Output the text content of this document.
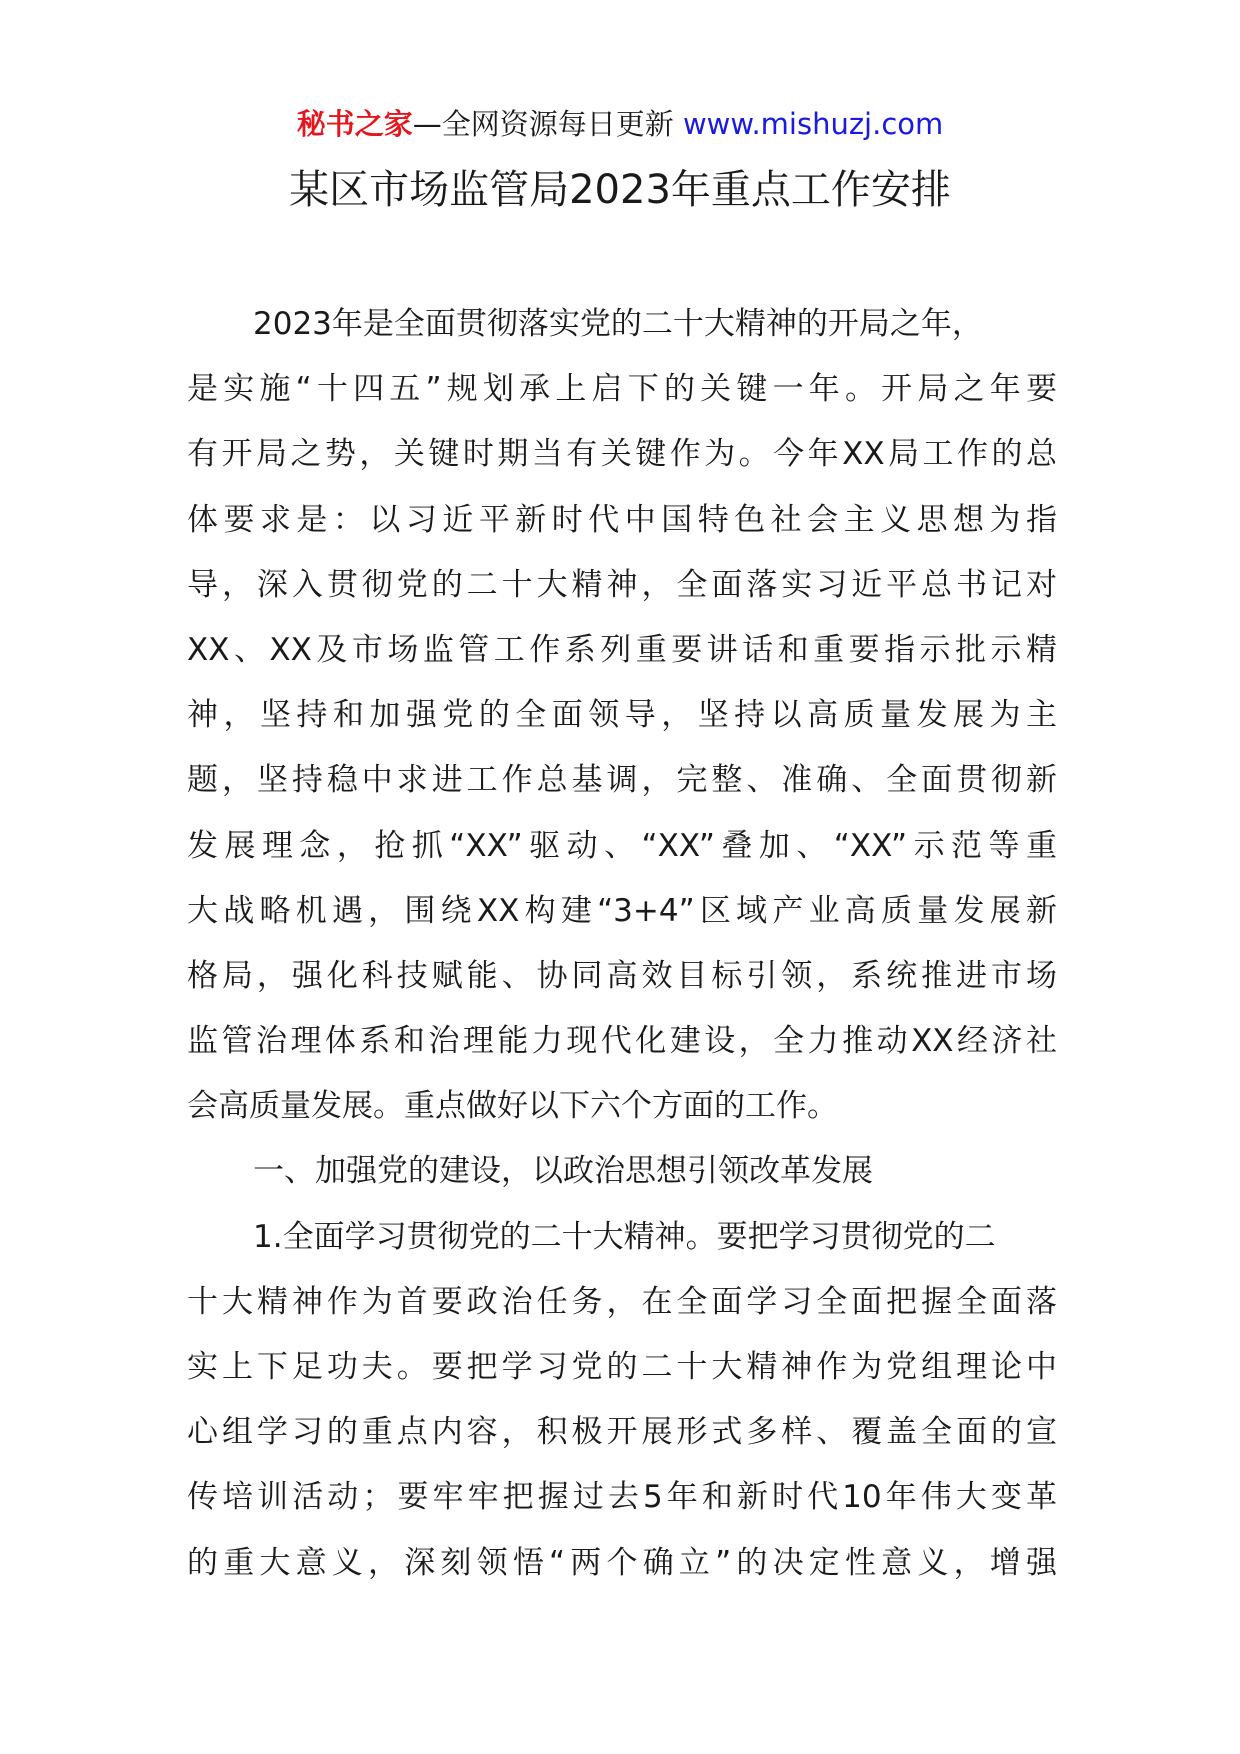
秘书之家—全网资源每日更新 www.mishuzj.com
某区市场监管局2023年重点工作安排
2023年是全面贯彻落实党的二十大精神的开局之年，
是实施“十四五”规划承上启下的关键一年。开局之年要
有开局之势，关键时期当有关键作为。今年XX局工作的总
体要求是：以习近平新时代中国特色社会主义思想为指
导，深入贯彻党的二十大精神，全面落实习近平总书记对
XX、XX及市场监管工作系列重要讲话和重要指示批示精
神，坚持和加强党的全面领导，坚持以高质量发展为主
题，坚持稳中求进工作总基调，完整、准确、全面贯彻新
发展理念，抢抓“XX”驱动、“XX”叠加、“XX”示范等重
大战略机遇，围绕XX构建“3+4”区域产业高质量发展新
格局，强化科技赋能、协同高效目标引领，系统推进市场
监管治理体系和治理能力现代化建设，全力推动XX经济社
会高质量发展。重点做好以下六个方面的工作。
一、加强党的建设，以政治思想引领改革发展
1.全面学习贯彻党的二十大精神。要把学习贯彻党的二
十大精神作为首要政治任务，在全面学习全面把握全面落
实上下足功夫。要把学习党的二十大精神作为党组理论中
心组学习的重点内容，积极开展形式多样、覆盖全面的宣
传培训活动；要牢牢把握过去5年和新时代10年伟大变革
的重大意义，深刻领悟“两个确立”的决定性意义，增强
